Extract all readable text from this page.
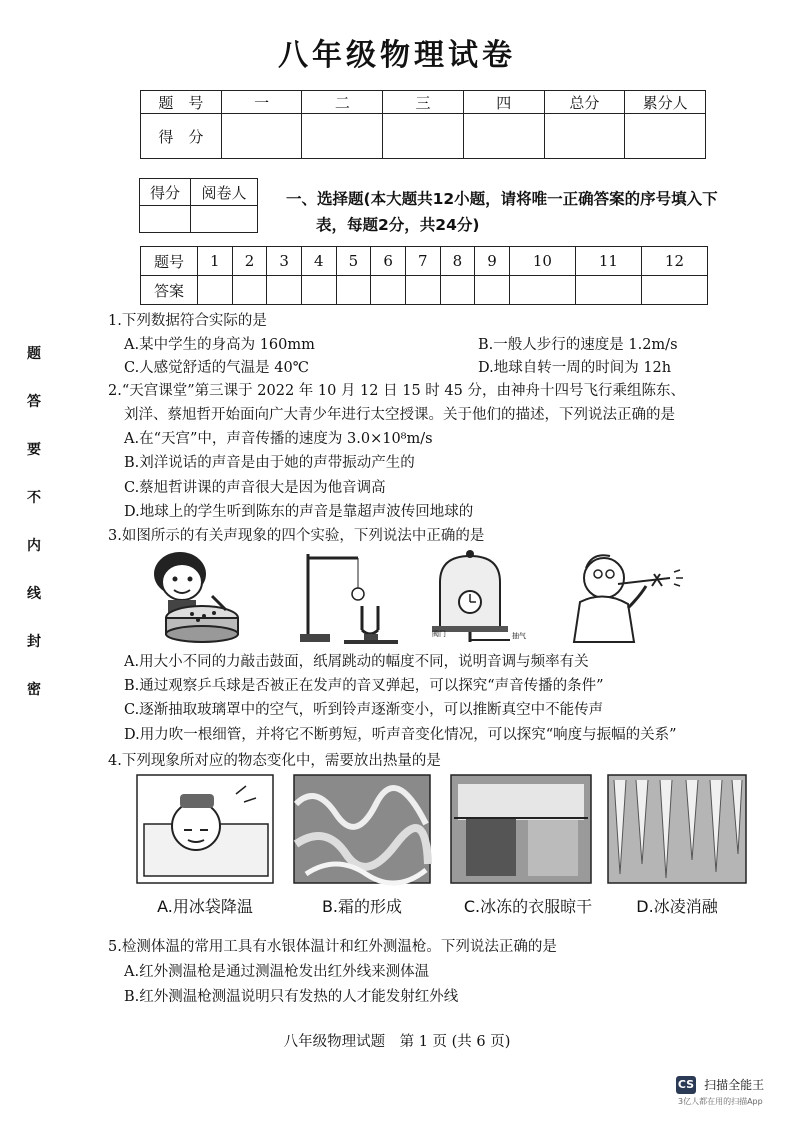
八年级物理试卷
题　号	一	二	三	四	总分	累分人
得　分						
得分	阅卷人
		一、选择题(本大题共12小题，请将唯一正确答案的序号填入下
表，每题2分，共24分)
题号	1	2	3	4	5	6	7	8	9	10	11	12
答案												
题
答
要
不
内
线
封
密
1.下列数据符合实际的是
A.某中学生的身高为 160mm	B.一般人步行的速度是 1.2m/s
C.人感觉舒适的气温是 40℃	D.地球自转一周的时间为 12h
2.“天宫课堂”第三课于 2022 年 10 月 12 日 15 时 45 分，由神舟十四号飞行乘组陈东、
刘洋、蔡旭哲开始面向广大青少年进行太空授课。关于他们的描述，下列说法正确的是
A.在“天宫”中，声音传播的速度为 3.0×10⁸m/s
B.刘洋说话的声音是由于她的声带振动产生的
C.蔡旭哲讲课的声音很大是因为他音调高
D.地球上的学生听到陈东的声音是靠超声波传回地球的
3.如图所示的有关声现象的四个实验，下列说法中正确的是
阀门	抽气
A.用大小不同的力敲击鼓面，纸屑跳动的幅度不同，说明音调与频率有关
B.通过观察乒乓球是否被正在发声的音叉弹起，可以探究“声音传播的条件”
C.逐渐抽取玻璃罩中的空气，听到铃声逐渐变小，可以推断真空中不能传声
D.用力吹一根细管，并将它不断剪短，听声音变化情况，可以探究“响度与振幅的关系”
4.下列现象所对应的物态变化中，需要放出热量的是
A.用冰袋降温	B.霜的形成	C.冰冻的衣服晾干	D.冰凌消融
5.检测体温的常用工具有水银体温计和红外测温枪。下列说法正确的是
A.红外测温枪是通过测温枪发出红外线来测体温
B.红外测温枪测温说明只有发热的人才能发射红外线
八年级物理试题　第 1 页 (共 6 页)
CS 扫描全能王
3亿人都在用的扫描App
